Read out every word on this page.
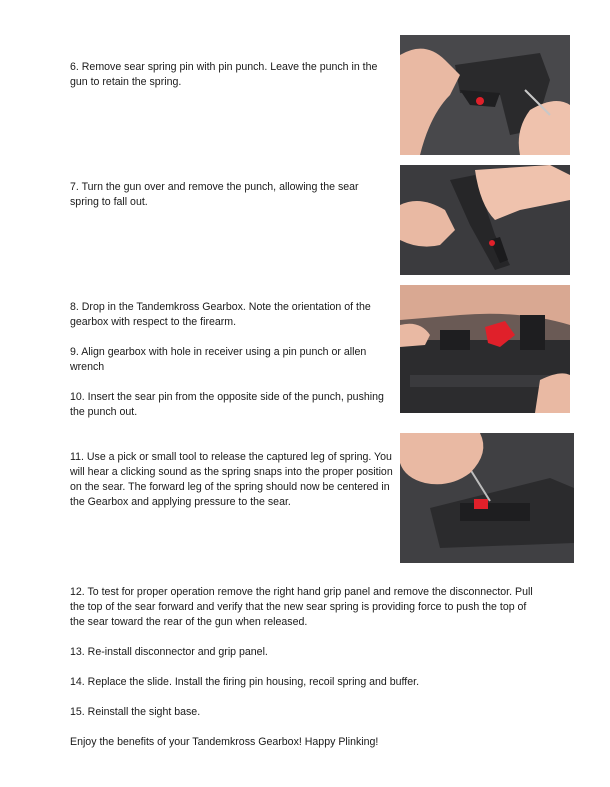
6. Remove sear spring pin with pin punch. Leave the punch in the gun to retain the spring.

7. Turn the gun over and remove the punch, allowing the sear spring to fall out.

8. Drop in the Tandemkross Gearbox. Note the orientation of the gearbox with respect to the firearm.

9. Align gearbox with hole in receiver using a pin punch or allen wrench

10. Insert the sear pin from the opposite side of the punch, pushing the punch out.

11. Use a pick or small tool to release the captured leg of spring. You will hear a clicking sound as the spring snaps into the proper position on the sear. The forward leg of the spring should now be centered in the Gearbox and applying pressure to the sear.

12. To test for proper operation remove the right hand grip panel and remove the disconnector. Pull the top of the sear forward and verify that the new sear spring is providing force to push the top of the sear toward the rear of the gun when released.

13. Re-install disconnector and grip panel.

14. Replace the slide. Install the firing pin housing, recoil spring and buffer.

15. Reinstall the sight base.

Enjoy the benefits of your Tandemkross Gearbox! Happy Plinking!
